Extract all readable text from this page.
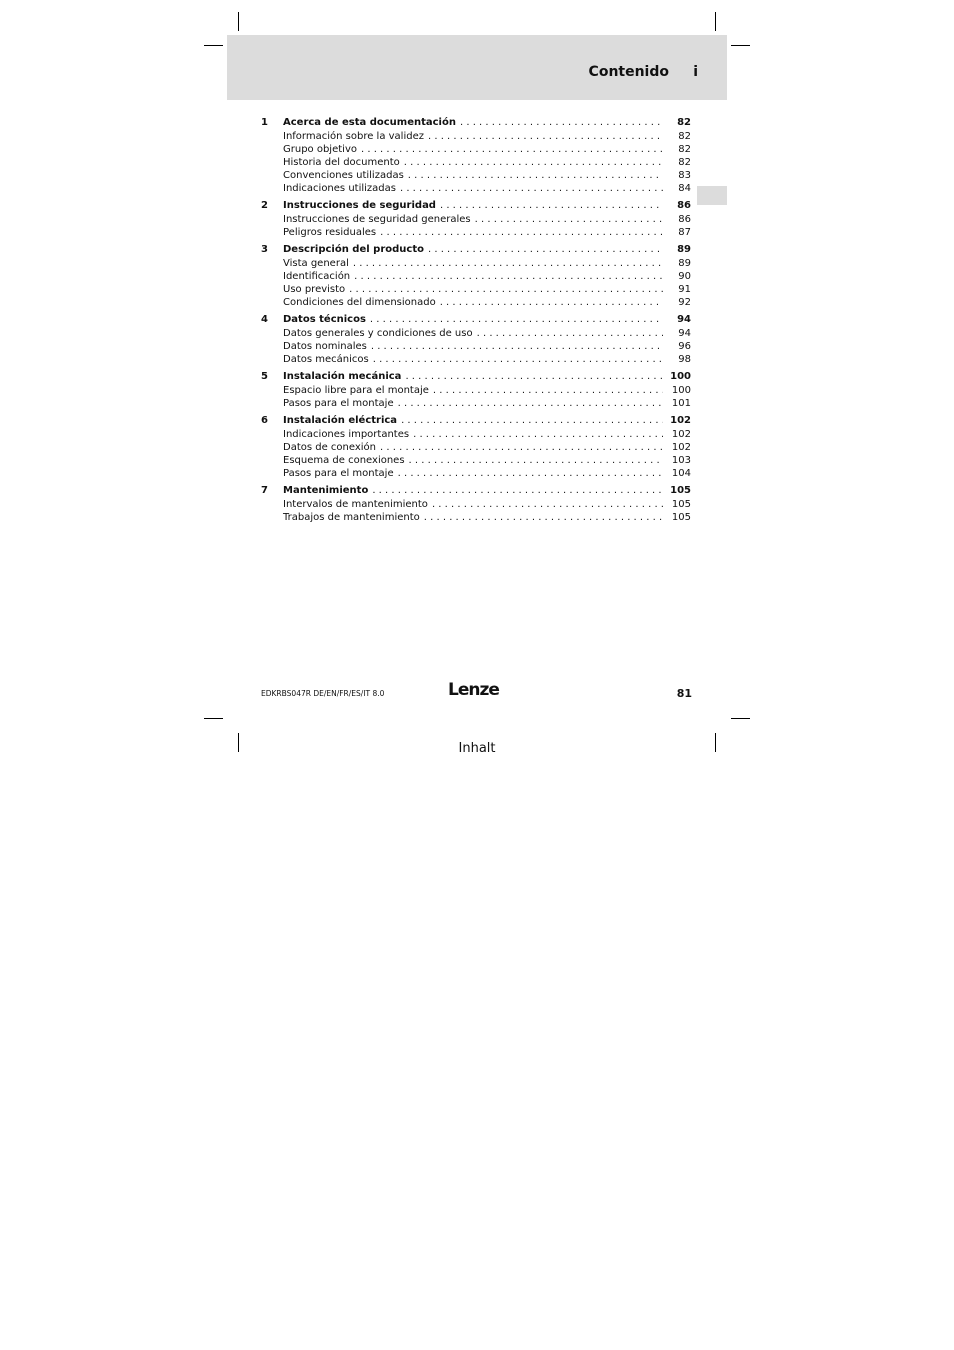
Contenido i
1	Acerca de esta documentación . . .	82
Información sobre la validez . . .	82
Grupo objetivo . . .	82
Historia del documento . . .	82
Convenciones utilizadas . . .	83
Indicaciones utilizadas . . .	84
2	Instrucciones de seguridad . . .	86
Instrucciones de seguridad generales . . .	86
Peligros residuales . . .	87
3	Descripción del producto . . .	89
Vista general . . .	89
Identificación . . .	90
Uso previsto . . .	91
Condiciones del dimensionado . . .	92
4	Datos técnicos . . .	94
Datos generales y condiciones de uso . . .	94
Datos nominales . . .	96
Datos mecánicos . . .	98
5	Instalación mecánica . . .	100
Espacio libre para el montaje . . .	100
Pasos para el montaje . . .	101
6	Instalación eléctrica . . .	102
Indicaciones importantes . . .	102
Datos de conexión . . .	102
Esquema de conexiones . . .	103
Pasos para el montaje . . .	104
7	Mantenimiento . . .	105
Intervalos de mantenimiento . . .	105
Trabajos de mantenimiento . . .	105
EDKRBS047R DE/EN/FR/ES/IT 8.0	Lenze	81
Inhalt
